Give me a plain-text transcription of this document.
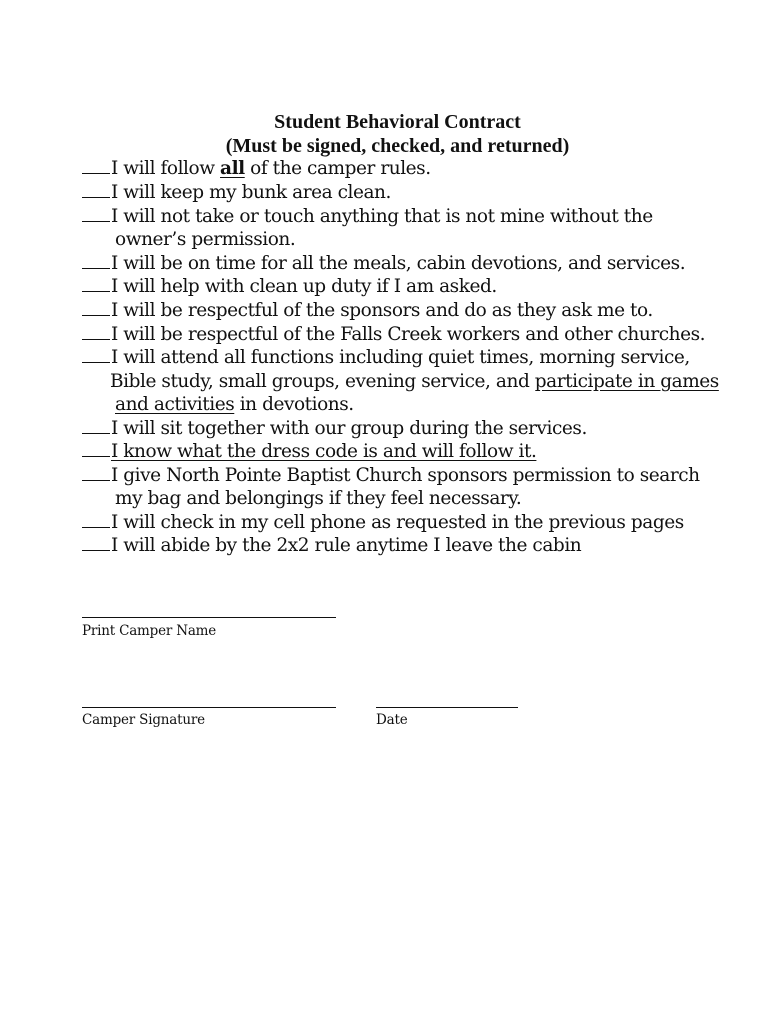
Student Behavioral Contract
(Must be signed, checked, and returned)
I will follow all of the camper rules.
I will keep my bunk area clean.
I will not take or touch anything that is not mine without the
owner’s permission.
I will be on time for all the meals, cabin devotions, and services.
I will help with clean up duty if I am asked.
I will be respectful of the sponsors and do as they ask me to.
I will be respectful of the Falls Creek workers and other churches.
I will attend all functions including quiet times, morning service,
Bible study, small groups, evening service, and participate in games
and activities in devotions.
I will sit together with our group during the services.
I know what the dress code is and will follow it.
I give North Pointe Baptist Church sponsors permission to search
my bag and belongings if they feel necessary.
I will check in my cell phone as requested in the previous pages
I will abide by the 2x2 rule anytime I leave the cabin
Print Camper Name
Camper Signature	Date
